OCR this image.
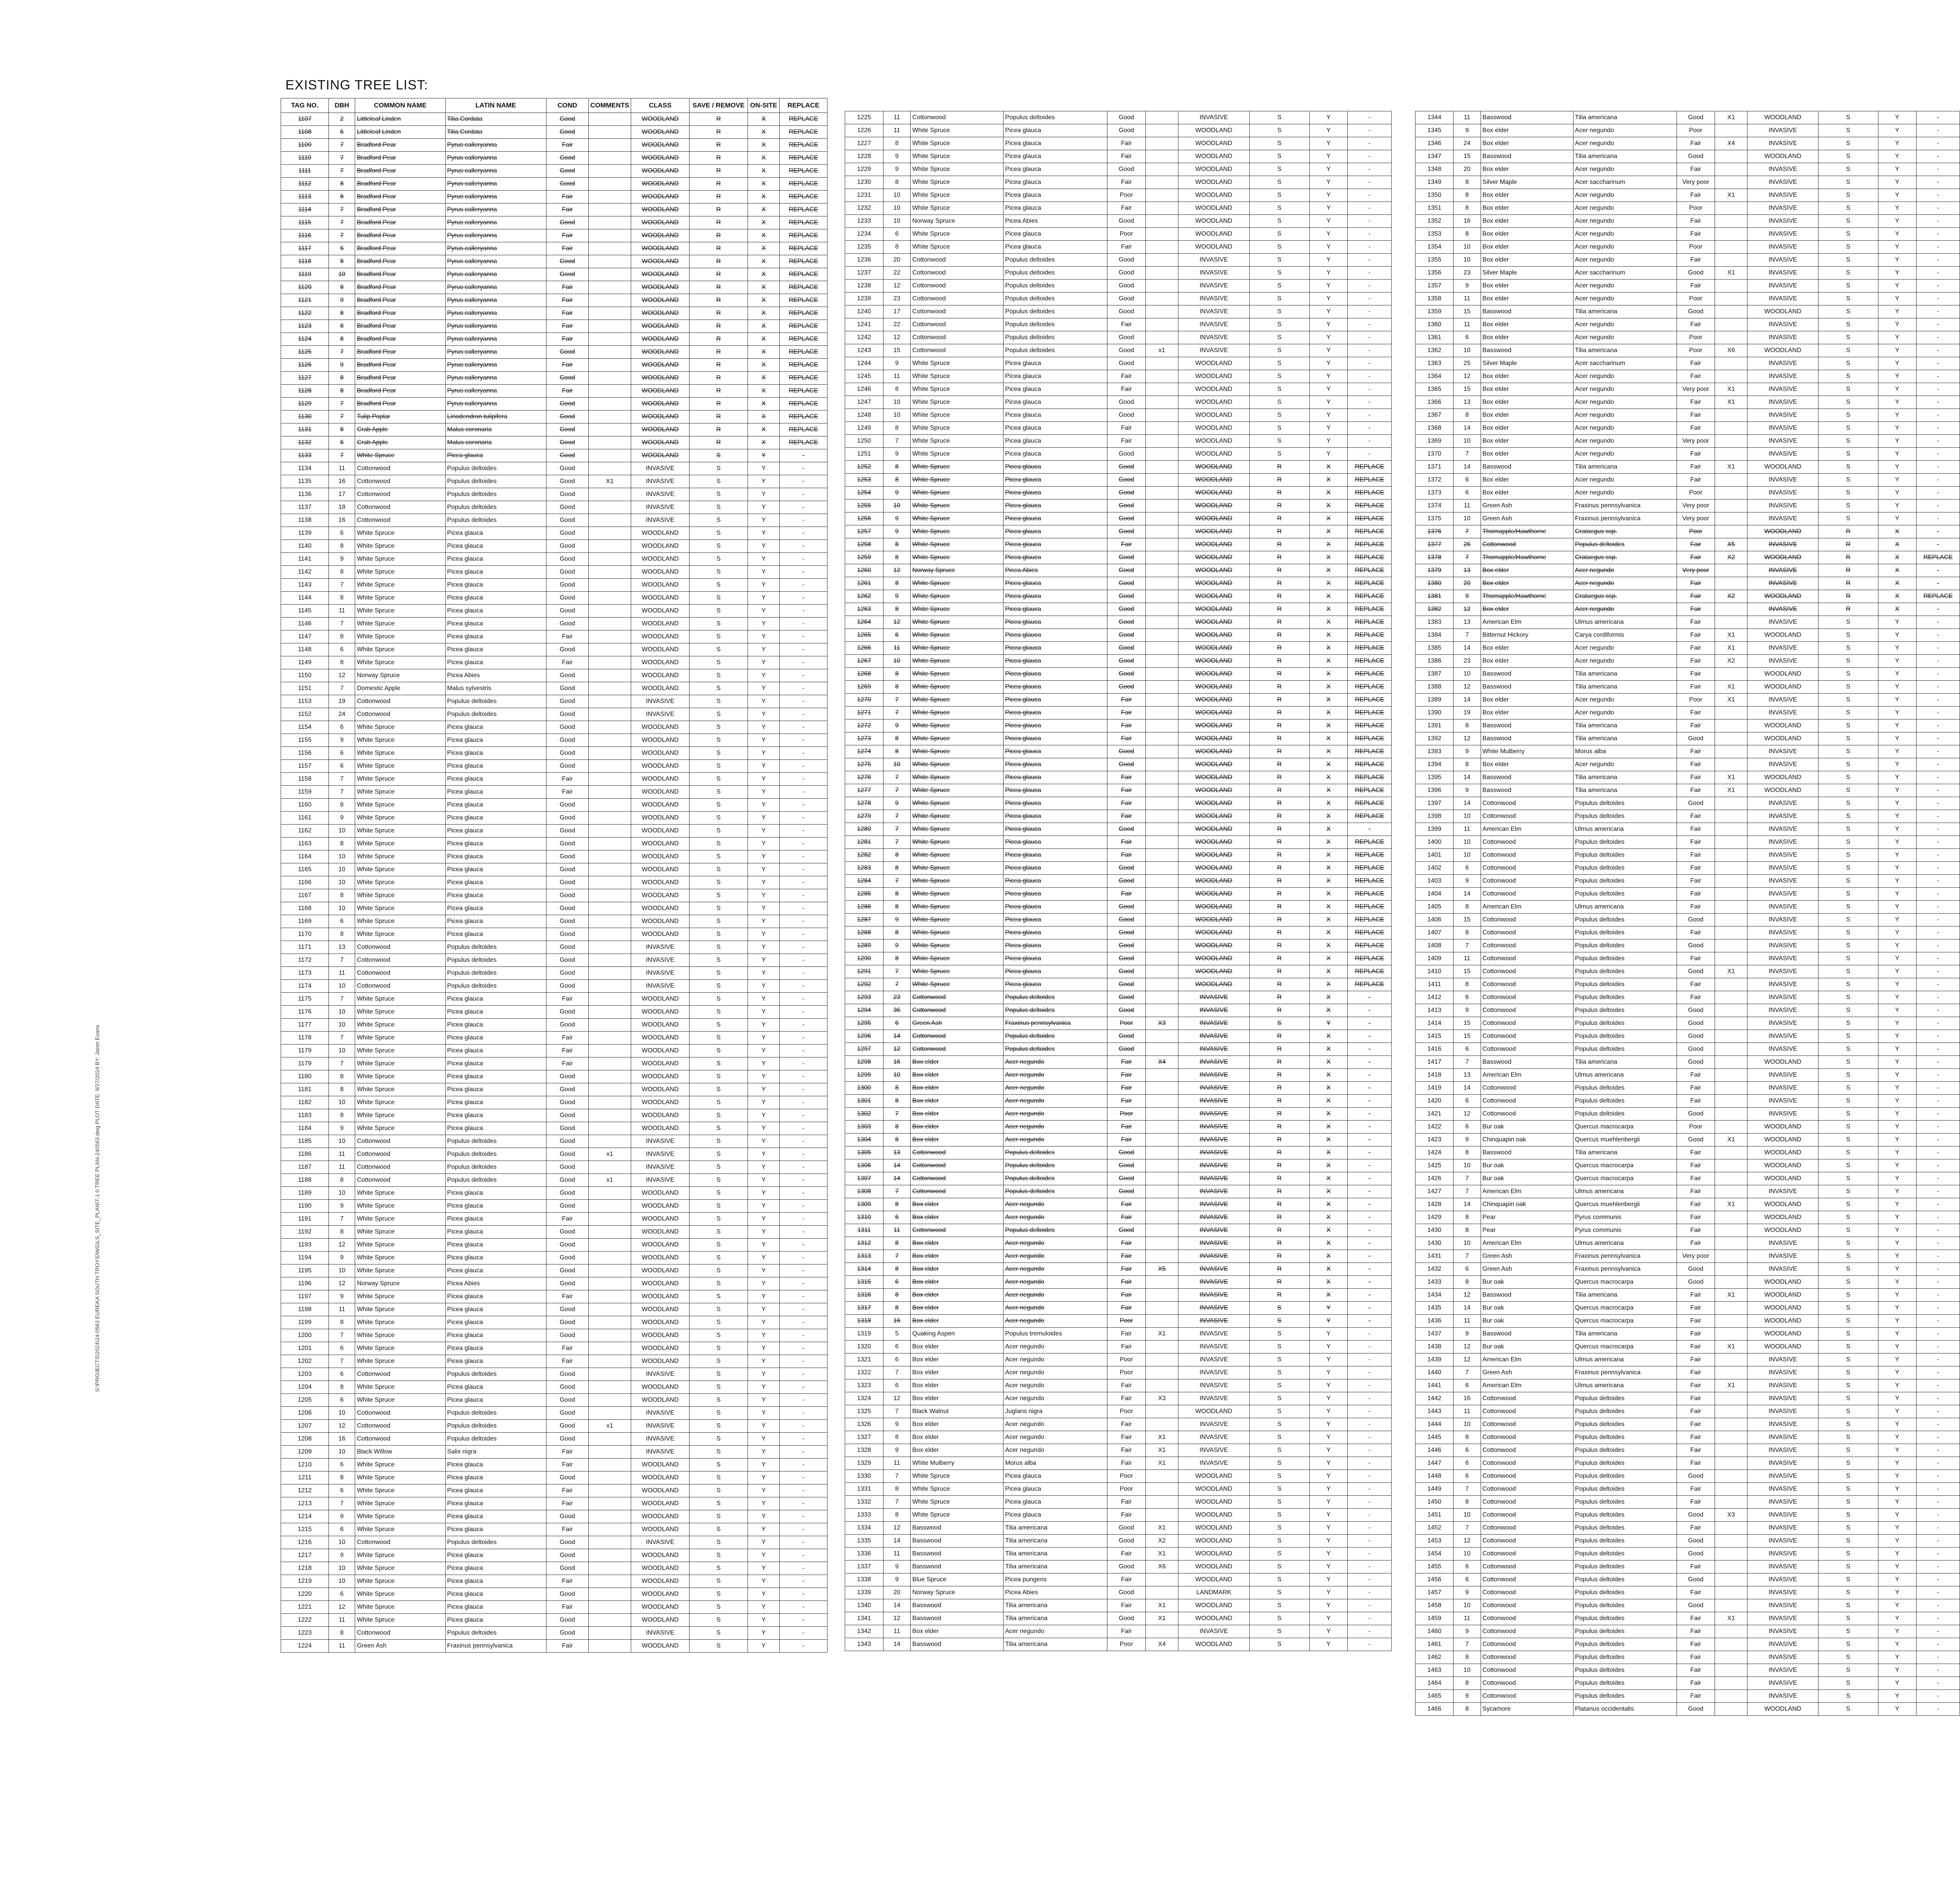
EXISTING TREE LIST:
TAG NO.	DBH	COMMON NAME	LATIN NAME	COND	COMMENTS	CLASS	SAVE / REMOVE	ON-SITE	REPLACE
1107	2	Littleleaf Linden	Tilia Cordata	Good		WOODLAND	R	X	REPLACE
1108	6	Littleleaf Linden	Tilia Cordata	Good		WOODLAND	R	X	REPLACE
1109	7	Bradford Pear	Pyrus calleryanna	Fair		WOODLAND	R	X	REPLACE
1110	7	Bradford Pear	Pyrus calleryanna	Good		WOODLAND	R	X	REPLACE
1111	7	Bradford Pear	Pyrus calleryanna	Good		WOODLAND	R	X	REPLACE
1112	8	Bradford Pear	Pyrus calleryanna	Good		WOODLAND	R	X	REPLACE
1113	8	Bradford Pear	Pyrus calleryanna	Fair		WOODLAND	R	X	REPLACE
1114	7	Bradford Pear	Pyrus calleryanna	Fair		WOODLAND	R	X	REPLACE
1115	7	Bradford Pear	Pyrus calleryanna	Good		WOODLAND	R	X	REPLACE
1116	7	Bradford Pear	Pyrus calleryanna	Fair		WOODLAND	R	X	REPLACE
1117	6	Bradford Pear	Pyrus calleryanna	Fair		WOODLAND	R	X	REPLACE
1118	8	Bradford Pear	Pyrus calleryanna	Good		WOODLAND	R	X	REPLACE
1119	10	Bradford Pear	Pyrus calleryanna	Good		WOODLAND	R	X	REPLACE
1120	8	Bradford Pear	Pyrus calleryanna	Fair		WOODLAND	R	X	REPLACE
1121	9	Bradford Pear	Pyrus calleryanna	Fair		WOODLAND	R	X	REPLACE
1122	8	Bradford Pear	Pyrus calleryanna	Fair		WOODLAND	R	X	REPLACE
1123	8	Bradford Pear	Pyrus calleryanna	Fair		WOODLAND	R	X	REPLACE
1124	8	Bradford Pear	Pyrus calleryanna	Fair		WOODLAND	R	X	REPLACE
1125	7	Bradford Pear	Pyrus calleryanna	Good		WOODLAND	R	X	REPLACE
1126	9	Bradford Pear	Pyrus calleryanna	Fair		WOODLAND	R	X	REPLACE
1127	8	Bradford Pear	Pyrus calleryanna	Good		WOODLAND	R	X	REPLACE
1128	8	Bradford Pear	Pyrus calleryanna	Fair		WOODLAND	R	X	REPLACE
1129	7	Bradford Pear	Pyrus calleryanna	Good		WOODLAND	R	X	REPLACE
1130	7	Tulip Poplar	Liriodendron tulipifera	Good		WOODLAND	R	X	REPLACE
1131	8	Crab Apple	Malus coronaria	Good		WOODLAND	R	X	REPLACE
1132	6	Crab Apple	Malus coronaria	Good		WOODLAND	R	X	REPLACE
1133	7	White Spruce	Picea glauca	Good		WOODLAND	S	Y	-
1134	11	Cottonwood	Populus deltoides	Good		INVASIVE	S	Y	-
1135	16	Cottonwood	Populus deltoides	Good	X1	INVASIVE	S	Y	-
1136	17	Cottonwood	Populus deltoides	Good		INVASIVE	S	Y	-
1137	18	Cottonwood	Populus deltoides	Good		INVASIVE	S	Y	-
1138	16	Cottonwood	Populus deltoides	Good		INVASIVE	S	Y	-
1139	6	White Spruce	Picea glauca	Good		WOODLAND	S	Y	-
1140	8	White Spruce	Picea glauca	Good		WOODLAND	S	Y	-
1141	9	White Spruce	Picea glauca	Good		WOODLAND	S	Y	-
1142	8	White Spruce	Picea glauca	Good		WOODLAND	S	Y	-
1143	7	White Spruce	Picea glauca	Good		WOODLAND	S	Y	-
1144	8	White Spruce	Picea glauca	Good		WOODLAND	S	Y	-
1145	11	White Spruce	Picea glauca	Good		WOODLAND	S	Y	-
1146	7	White Spruce	Picea glauca	Good		WOODLAND	S	Y	-
1147	8	White Spruce	Picea glauca	Fair		WOODLAND	S	Y	-
1148	6	White Spruce	Picea glauca	Good		WOODLAND	S	Y	-
1149	8	White Spruce	Picea glauca	Fair		WOODLAND	S	Y	-
1150	12	Norway Spruce	Picea Abies	Good		WOODLAND	S	Y	-
1151	7	Domestic Apple	Malus sylvestris	Good		WOODLAND	S	Y	-
1153	19	Cottonwood	Populus deltoides	Good		INVASIVE	S	Y	-
1152	24	Cottonwood	Populus deltoides	Good		INVASIVE	S	Y	-
1154	6	White Spruce	Picea glauca	Good		WOODLAND	S	Y	-
1155	9	White Spruce	Picea glauca	Good		WOODLAND	S	Y	-
1156	6	White Spruce	Picea glauca	Good		WOODLAND	S	Y	-
1157	6	White Spruce	Picea glauca	Good		WOODLAND	S	Y	-
1158	7	White Spruce	Picea glauca	Fair		WOODLAND	S	Y	-
1159	7	White Spruce	Picea glauca	Fair		WOODLAND	S	Y	-
1160	8	White Spruce	Picea glauca	Good		WOODLAND	S	Y	-
1161	9	White Spruce	Picea glauca	Good		WOODLAND	S	Y	-
1162	10	White Spruce	Picea glauca	Good		WOODLAND	S	Y	-
1163	8	White Spruce	Picea glauca	Good		WOODLAND	S	Y	-
1164	10	White Spruce	Picea glauca	Good		WOODLAND	S	Y	-
1165	10	White Spruce	Picea glauca	Good		WOODLAND	S	Y	-
1166	10	White Spruce	Picea glauca	Good		WOODLAND	S	Y	-
1167	8	White Spruce	Picea glauca	Good		WOODLAND	S	Y	-
1168	10	White Spruce	Picea glauca	Good		WOODLAND	S	Y	-
1169	6	White Spruce	Picea glauca	Good		WOODLAND	S	Y	-
1170	8	White Spruce	Picea glauca	Good		WOODLAND	S	Y	-
1171	13	Cottonwood	Populus deltoides	Good		INVASIVE	S	Y	-
1172	7	Cottonwood	Populus deltoides	Good		INVASIVE	S	Y	-
1173	11	Cottonwood	Populus deltoides	Good		INVASIVE	S	Y	-
1174	10	Cottonwood	Populus deltoides	Good		INVASIVE	S	Y	-
1175	7	White Spruce	Picea glauca	Fair		WOODLAND	S	Y	-
1176	10	White Spruce	Picea glauca	Good		WOODLAND	S	Y	-
1177	10	White Spruce	Picea glauca	Good		WOODLAND	S	Y	-
1178	7	White Spruce	Picea glauca	Fair		WOODLAND	S	Y	-
1179	10	White Spruce	Picea glauca	Fair		WOODLAND	S	Y	-
1179	7	White Spruce	Picea glauca	Fair		WOODLAND	S	Y	-
1180	8	White Spruce	Picea glauca	Good		WOODLAND	S	Y	-
1181	8	White Spruce	Picea glauca	Good		WOODLAND	S	Y	-
1182	10	White Spruce	Picea glauca	Good		WOODLAND	S	Y	-
1183	8	White Spruce	Picea glauca	Good		WOODLAND	S	Y	-
1184	9	White Spruce	Picea glauca	Good		WOODLAND	S	Y	-
1185	10	Cottonwood	Populus deltoides	Good		INVASIVE	S	Y	-
1186	11	Cottonwood	Populus deltoides	Good	x1	INVASIVE	S	Y	-
1187	11	Cottonwood	Populus deltoides	Good		INVASIVE	S	Y	-
1188	8	Cottonwood	Populus deltoides	Good	x1	INVASIVE	S	Y	-
1189	10	White Spruce	Picea glauca	Good		WOODLAND	S	Y	-
1190	9	White Spruce	Picea glauca	Good		WOODLAND	S	Y	-
1191	7	White Spruce	Picea glauca	Fair		WOODLAND	S	Y	-
1192	8	White Spruce	Picea glauca	Good		WOODLAND	S	Y	-
1193	12	White Spruce	Picea glauca	Good		WOODLAND	S	Y	-
1194	9	White Spruce	Picea glauca	Good		WOODLAND	S	Y	-
1195	10	White Spruce	Picea glauca	Good		WOODLAND	S	Y	-
1196	12	Norway Spruce	Picea Abies	Good		WOODLAND	S	Y	-
1197	9	White Spruce	Picea glauca	Fair		WOODLAND	S	Y	-
1198	11	White Spruce	Picea glauca	Good		WOODLAND	S	Y	-
1199	8	White Spruce	Picea glauca	Good		WOODLAND	S	Y	-
1200	7	White Spruce	Picea glauca	Good		WOODLAND	S	Y	-
1201	6	White Spruce	Picea glauca	Fair		WOODLAND	S	Y	-
1202	7	White Spruce	Picea glauca	Fair		WOODLAND	S	Y	-
1203	6	Cottonwood	Populus deltoides	Good		INVASIVE	S	Y	-
1204	8	White Spruce	Picea glauca	Good		WOODLAND	S	Y	-
1205	6	White Spruce	Picea glauca	Good		WOODLAND	S	Y	-
1206	10	Cottonwood	Populus deltoides	Good		INVASIVE	S	Y	-
1207	12	Cottonwood	Populus deltoides	Good	x1	INVASIVE	S	Y	-
1208	16	Cottonwood	Populus deltoides	Good		INVASIVE	S	Y	-
1209	10	Black Willow	Salix nigra	Fair		INVASIVE	S	Y	-
1210	6	White Spruce	Picea glauca	Fair		WOODLAND	S	Y	-
1211	8	White Spruce	Picea glauca	Good		WOODLAND	S	Y	-
1212	6	White Spruce	Picea glauca	Fair		WOODLAND	S	Y	-
1213	7	White Spruce	Picea glauca	Fair		WOODLAND	S	Y	-
1214	9	White Spruce	Picea glauca	Good		WOODLAND	S	Y	-
1215	6	White Spruce	Picea glauca	Fair		WOODLAND	S	Y	-
1216	10	Cottonwood	Populus deltoides	Good		INVASIVE	S	Y	-
1217	9	White Spruce	Picea glauca	Good		WOODLAND	S	Y	-
1218	10	White Spruce	Picea glauca	Good		WOODLAND	S	Y	-
1219	10	White Spruce	Picea glauca	Fair		WOODLAND	S	Y	-
1220	6	White Spruce	Picea glauca	Good		WOODLAND	S	Y	-
1221	12	White Spruce	Picea glauca	Fair		WOODLAND	S	Y	-
1222	11	White Spruce	Picea glauca	Good		WOODLAND	S	Y	-
1223	8	Cottonwood	Populus deltoides	Good		INVASIVE	S	Y	-
1224	11	Green Ash	Fraxinus pennsylvanica	Fair		WOODLAND	S	Y	-
1225	11	Cottonwood	Populus deltoides	Good		INVASIVE	S	Y	-
1226	11	White Spruce	Picea glauca	Good		WOODLAND	S	Y	-
1227	8	White Spruce	Picea glauca	Fair		WOODLAND	S	Y	-
1228	9	White Spruce	Picea glauca	Fair		WOODLAND	S	Y	-
1229	9	White Spruce	Picea glauca	Good		WOODLAND	S	Y	-
1230	8	White Spruce	Picea glauca	Fair		WOODLAND	S	Y	-
1231	10	White Spruce	Picea glauca	Poor		WOODLAND	S	Y	-
1232	10	White Spruce	Picea glauca	Fair		WOODLAND	S	Y	-
1233	10	Norway Spruce	Picea Abies	Good		WOODLAND	S	Y	-
1234	6	White Spruce	Picea glauca	Poor		WOODLAND	S	Y	-
1235	8	White Spruce	Picea glauca	Fair		WOODLAND	S	Y	-
1236	20	Cottonwood	Populus deltoides	Good		INVASIVE	S	Y	-
1237	22	Cottonwood	Populus deltoides	Good		INVASIVE	S	Y	-
1238	12	Cottonwood	Populus deltoides	Good		INVASIVE	S	Y	-
1239	23	Cottonwood	Populus deltoides	Good		INVASIVE	S	Y	-
1240	17	Cottonwood	Populus deltoides	Good		INVASIVE	S	Y	-
1241	22	Cottonwood	Populus deltoides	Fair		INVASIVE	S	Y	-
1242	12	Cottonwood	Populus deltoides	Good		INVASIVE	S	Y	-
1243	15	Cottonwood	Populus deltoides	Good	x1	INVASIVE	S	Y	-
1244	9	White Spruce	Picea glauca	Good		WOODLAND	S	Y	-
1245	11	White Spruce	Picea glauca	Fair		WOODLAND	S	Y	-
1246	8	White Spruce	Picea glauca	Fair		WOODLAND	S	Y	-
1247	10	White Spruce	Picea glauca	Good		WOODLAND	S	Y	-
1248	10	White Spruce	Picea glauca	Good		WOODLAND	S	Y	-
1249	8	White Spruce	Picea glauca	Fair		WOODLAND	S	Y	-
1250	7	White Spruce	Picea glauca	Fair		WOODLAND	S	Y	-
1251	9	White Spruce	Picea glauca	Good		WOODLAND	S	Y	-
1252	8	White Spruce	Picea glauca	Good		WOODLAND	R	X	REPLACE
1253	8	White Spruce	Picea glauca	Good		WOODLAND	R	X	REPLACE
1254	9	White Spruce	Picea glauca	Good		WOODLAND	R	X	REPLACE
1255	10	White Spruce	Picea glauca	Good		WOODLAND	R	X	REPLACE
1256	9	White Spruce	Picea glauca	Good		WOODLAND	R	X	REPLACE
1257	9	White Spruce	Picea glauca	Good		WOODLAND	R	X	REPLACE
1258	8	White Spruce	Picea glauca	Fair		WOODLAND	R	X	REPLACE
1259	8	White Spruce	Picea glauca	Good		WOODLAND	R	X	REPLACE
1260	12	Norway Spruce	Picea Abies	Good		WOODLAND	R	X	REPLACE
1261	8	White Spruce	Picea glauca	Good		WOODLAND	R	X	REPLACE
1262	9	White Spruce	Picea glauca	Good		WOODLAND	R	X	REPLACE
1263	8	White Spruce	Picea glauca	Good		WOODLAND	R	X	REPLACE
1264	12	White Spruce	Picea glauca	Good		WOODLAND	R	X	REPLACE
1265	6	White Spruce	Picea glauca	Good		WOODLAND	R	X	REPLACE
1266	11	White Spruce	Picea glauca	Good		WOODLAND	R	X	REPLACE
1267	10	White Spruce	Picea glauca	Good		WOODLAND	R	X	REPLACE
1268	8	White Spruce	Picea glauca	Good		WOODLAND	R	X	REPLACE
1269	8	White Spruce	Picea glauca	Good		WOODLAND	R	X	REPLACE
1270	7	White Spruce	Picea glauca	Fair		WOODLAND	R	X	REPLACE
1271	7	White Spruce	Picea glauca	Fair		WOODLAND	R	X	REPLACE
1272	9	White Spruce	Picea glauca	Fair		WOODLAND	R	X	REPLACE
1273	8	White Spruce	Picea glauca	Fair		WOODLAND	R	X	REPLACE
1274	8	White Spruce	Picea glauca	Good		WOODLAND	R	X	REPLACE
1275	10	White Spruce	Picea glauca	Good		WOODLAND	R	X	REPLACE
1276	7	White Spruce	Picea glauca	Fair		WOODLAND	R	X	REPLACE
1277	7	White Spruce	Picea glauca	Fair		WOODLAND	R	X	REPLACE
1278	9	White Spruce	Picea glauca	Fair		WOODLAND	R	X	REPLACE
1279	7	White Spruce	Picea glauca	Fair		WOODLAND	R	X	REPLACE
1280	7	White Spruce	Picea glauca	Good		WOODLAND	R	X	-
1281	7	White Spruce	Picea glauca	Fair		WOODLAND	R	X	REPLACE
1282	8	White Spruce	Picea glauca	Fair		WOODLAND	R	X	REPLACE
1283	8	White Spruce	Picea glauca	Good		WOODLAND	R	X	REPLACE
1284	7	White Spruce	Picea glauca	Good		WOODLAND	R	X	REPLACE
1285	8	White Spruce	Picea glauca	Fair		WOODLAND	R	X	REPLACE
1286	8	White Spruce	Picea glauca	Good		WOODLAND	R	X	REPLACE
1287	9	White Spruce	Picea glauca	Good		WOODLAND	R	X	REPLACE
1288	8	White Spruce	Picea glauca	Good		WOODLAND	R	X	REPLACE
1289	9	White Spruce	Picea glauca	Good		WOODLAND	R	X	REPLACE
1290	8	White Spruce	Picea glauca	Good		WOODLAND	R	X	REPLACE
1291	7	White Spruce	Picea glauca	Good		WOODLAND	R	X	REPLACE
1292	7	White Spruce	Picea glauca	Good		WOODLAND	R	X	REPLACE
1293	23	Cottonwood	Populus deltoides	Good		INVASIVE	R	X	-
1294	36	Cottonwood	Populus deltoides	Good		INVASIVE	R	X	-
1295	6	Green Ash	Fraxinus pennsylvanica	Poor	X3	INVASIVE	S	Y	-
1296	14	Cottonwood	Populus deltoides	Good		INVASIVE	R	X	-
1297	12	Cottonwood	Populus deltoides	Good		INVASIVE	R	X	-
1298	16	Box elder	Acer negundo	Fair	X4	INVASIVE	R	X	-
1299	10	Box elder	Acer negundo	Fair		INVASIVE	R	X	-
1300	8	Box elder	Acer negundo	Fair		INVASIVE	R	X	-
1301	8	Box elder	Acer negundo	Fair		INVASIVE	R	X	-
1302	7	Box elder	Acer negundo	Poor		INVASIVE	R	X	-
1303	8	Box elder	Acer negundo	Fair		INVASIVE	R	X	-
1304	8	Box elder	Acer negundo	Fair		INVASIVE	R	X	-
1305	13	Cottonwood	Populus deltoides	Good		INVASIVE	R	X	-
1306	14	Cottonwood	Populus deltoides	Good		INVASIVE	R	X	-
1307	14	Cottonwood	Populus deltoides	Good		INVASIVE	R	X	-
1308	7	Cottonwood	Populus deltoides	Good		INVASIVE	R	X	-
1309	8	Box elder	Acer negundo	Fair		INVASIVE	R	X	-
1310	6	Box elder	Acer negundo	Fair		INVASIVE	R	X	-
1311	11	Cottonwood	Populus deltoides	Good		INVASIVE	R	X	-
1312	8	Box elder	Acer negundo	Fair		INVASIVE	R	X	-
1313	7	Box elder	Acer negundo	Fair		INVASIVE	R	X	-
1314	8	Box elder	Acer negundo	Fair	X5	INVASIVE	R	X	-
1315	6	Box elder	Acer negundo	Fair		INVASIVE	R	X	-
1316	8	Box elder	Acer negundo	Fair		INVASIVE	R	X	-
1317	8	Box elder	Acer negundo	Fair		INVASIVE	S	Y	-
1318	16	Box elder	Acer negundo	Poor		INVASIVE	S	Y	-
1319	5	Quaking Aspen	Populus tremuloides	Fair	X1	INVASIVE	S	Y	-
1320	6	Box elder	Acer negundo	Fair		INVASIVE	S	Y	-
1321	6	Box elder	Acer negundo	Poor		INVASIVE	S	Y	-
1322	7	Box elder	Acer negundo	Poor		INVASIVE	S	Y	-
1323	6	Box elder	Acer negundo	Fair		INVASIVE	S	Y	-
1324	12	Box elder	Acer negundo	Fair	X3	INVASIVE	S	Y	-
1325	7	Black Walnut	Juglans nigra	Poor		WOODLAND	S	Y	-
1326	9	Box elder	Acer negundo	Fair		INVASIVE	S	Y	-
1327	8	Box elder	Acer negundo	Fair	X1	INVASIVE	S	Y	-
1328	9	Box elder	Acer negundo	Fair	X1	INVASIVE	S	Y	-
1329	11	White Mulberry	Morus alba	Fair	X1	INVASIVE	S	Y	-
1330	7	White Spruce	Picea glauca	Poor		WOODLAND	S	Y	-
1331	8	White Spruce	Picea glauca	Poor		WOODLAND	S	Y	-
1332	7	White Spruce	Picea glauca	Fair		WOODLAND	S	Y	-
1333	8	White Spruce	Picea glauca	Fair		WOODLAND	S	Y	-
1334	12	Basswood	Tilia americana	Good	X1	WOODLAND	S	Y	-
1335	14	Basswood	Tilia americana	Good	X2	WOODLAND	S	Y	-
1336	11	Basswood	Tilia americana	Fair	X1	WOODLAND	S	Y	-
1337	9	Basswood	Tilia americana	Good	X6	WOODLAND	S	Y	-
1338	9	Blue Spruce	Picea pungens	Fair		WOODLAND	S	Y	-
1339	20	Norway Spruce	Picea Abies	Good		LANDMARK	S	Y	-
1340	14	Basswood	Tilia americana	Fair	X1	WOODLAND	S	Y	-
1341	12	Basswood	Tilia americana	Good	X1	WOODLAND	S	Y	-
1342	11	Box elder	Acer negundo	Fair		INVASIVE	S	Y	-
1343	14	Basswood	Tilia americana	Poor	X4	WOODLAND	S	Y	-
1344	11	Basswood	Tilia americana	Good	X1	WOODLAND	S	Y	-
1345	9	Box elder	Acer negundo	Poor		INVASIVE	S	Y	-
1346	24	Box elder	Acer negundo	Fair	X4	INVASIVE	S	Y	-
1347	15	Basswood	Tilia americana	Good		WOODLAND	S	Y	-
1348	20	Box elder	Acer negundo	Fair		INVASIVE	S	Y	-
1349	8	Silver Maple	Acer saccharinum	Very poor		INVASIVE	S	Y	-
1350	8	Box elder	Acer negundo	Fair	X1	INVASIVE	S	Y	-
1351	8	Box elder	Acer negundo	Poor		INVASIVE	S	Y	-
1352	16	Box elder	Acer negundo	Fair		INVASIVE	S	Y	-
1353	8	Box elder	Acer negundo	Fair		INVASIVE	S	Y	-
1354	10	Box elder	Acer negundo	Poor		INVASIVE	S	Y	-
1355	10	Box elder	Acer negundo	Fair		INVASIVE	S	Y	-
1356	23	Silver Maple	Acer saccharinum	Good	X1	INVASIVE	S	Y	-
1357	9	Box elder	Acer negundo	Fair		INVASIVE	S	Y	-
1358	11	Box elder	Acer negundo	Poor		INVASIVE	S	Y	-
1359	15	Basswood	Tilia americana	Good		WOODLAND	S	Y	-
1360	11	Box elder	Acer negundo	Fair		INVASIVE	S	Y	-
1361	6	Box elder	Acer negundo	Poor		INVASIVE	S	Y	-
1362	10	Basswood	Tilia americana	Poor	X6	WOODLAND	S	Y	-
1363	25	Silver Maple	Acer saccharinum	Fair		INVASIVE	S	Y	-
1364	12	Box elder	Acer negundo	Fair		INVASIVE	S	Y	-
1365	15	Box elder	Acer negundo	Very poor	X1	INVASIVE	S	Y	-
1366	13	Box elder	Acer negundo	Fair	X1	INVASIVE	S	Y	-
1367	8	Box elder	Acer negundo	Fair		INVASIVE	S	Y	-
1368	14	Box elder	Acer negundo	Fair		INVASIVE	S	Y	-
1369	10	Box elder	Acer negundo	Very poor		INVASIVE	S	Y	-
1370	7	Box elder	Acer negundo	Fair		INVASIVE	S	Y	-
1371	14	Basswood	Tilia americana	Fair	X1	WOODLAND	S	Y	-
1372	6	Box elder	Acer negundo	Fair		INVASIVE	S	Y	-
1373	6	Box elder	Acer negundo	Poor		INVASIVE	S	Y	-
1374	11	Green Ash	Fraxinus pennsylvanica	Very poor		INVASIVE	S	Y	-
1375	10	Green Ash	Fraxinus pennsylvanica	Very poor		INVASIVE	S	Y	-
1376	7	Thornapple/Hawthorne	Crataegus ssp.	Poor		WOODLAND	R	X	-
1377	26	Cottonwood	Populus deltoides	Fair	X5	INVASIVE	R	X	-
1378	7	Thornapple/Hawthorne	Crataegus ssp.	Fair	X2	WOODLAND	R	X	REPLACE
1379	13	Box elder	Acer negundo	Very poor		INVASIVE	R	X	-
1380	20	Box elder	Acer negundo	Fair		INVASIVE	R	X	-
1381	9	Thornapple/Hawthorne	Crataegus ssp.	Fair	X2	WOODLAND	R	X	REPLACE
1382	12	Box elder	Acer negundo	Fair		INVASIVE	R	X	-
1383	13	American Elm	Ulmus americana	Fair		INVASIVE	S	Y	-
1384	7	Bitternut Hickory	Carya cordiformis	Fair	X1	WOODLAND	S	Y	-
1385	14	Box elder	Acer negundo	Fair	X1	INVASIVE	S	Y	-
1386	23	Box elder	Acer negundo	Fair	X2	INVASIVE	S	Y	-
1387	10	Basswood	Tilia americana	Fair		WOODLAND	S	Y	-
1388	12	Basswood	Tilia americana	Fair	X1	WOODLAND	S	Y	-
1389	14	Box elder	Acer negundo	Poor	X1	INVASIVE	S	Y	-
1390	19	Box elder	Acer negundo	Fair		INVASIVE	S	Y	-
1391	8	Basswood	Tilia americana	Fair		WOODLAND	S	Y	-
1392	12	Basswood	Tilia americana	Good		WOODLAND	S	Y	-
1393	9	White Mulberry	Morus alba	Fair		INVASIVE	S	Y	-
1394	8	Box elder	Acer negundo	Fair		INVASIVE	S	Y	-
1395	14	Basswood	Tilia americana	Fair	X1	WOODLAND	S	Y	-
1396	9	Basswood	Tilia americana	Fair	X1	WOODLAND	S	Y	-
1397	14	Cottonwood	Populus deltoides	Good		INVASIVE	S	Y	-
1398	10	Cottonwood	Populus deltoides	Fair		INVASIVE	S	Y	-
1399	11	American Elm	Ulmus americana	Fair		INVASIVE	S	Y	-
1400	10	Cottonwood	Populus deltoides	Fair		INVASIVE	S	Y	-
1401	10	Cottonwood	Populus deltoides	Fair		INVASIVE	S	Y	-
1402	6	Cottonwood	Populus deltoides	Fair		INVASIVE	S	Y	-
1403	9	Cottonwood	Populus deltoides	Fair		INVASIVE	S	Y	-
1404	14	Cottonwood	Populus deltoides	Fair		INVASIVE	S	Y	-
1405	8	American Elm	Ulmus americana	Fair		INVASIVE	S	Y	-
1406	15	Cottonwood	Populus deltoides	Good		INVASIVE	S	Y	-
1407	8	Cottonwood	Populus deltoides	Fair		INVASIVE	S	Y	-
1408	7	Cottonwood	Populus deltoides	Good		INVASIVE	S	Y	-
1409	11	Cottonwood	Populus deltoides	Fair		INVASIVE	S	Y	-
1410	15	Cottonwood	Populus deltoides	Good	X1	INVASIVE	S	Y	-
1411	8	Cottonwood	Populus deltoides	Fair		INVASIVE	S	Y	-
1412	6	Cottonwood	Populus deltoides	Fair		INVASIVE	S	Y	-
1413	9	Cottonwood	Populus deltoides	Good		INVASIVE	S	Y	-
1414	15	Cottonwood	Populus deltoides	Good		INVASIVE	S	Y	-
1415	15	Cottonwood	Populus deltoides	Good		INVASIVE	S	Y	-
1416	6	Cottonwood	Populus deltoides	Good		INVASIVE	S	Y	-
1417	7	Basswood	Tilia americana	Good		WOODLAND	S	Y	-
1418	13	American Elm	Ulmus americana	Fair		INVASIVE	S	Y	-
1419	14	Cottonwood	Populus deltoides	Fair		INVASIVE	S	Y	-
1420	6	Cottonwood	Populus deltoides	Fair		INVASIVE	S	Y	-
1421	12	Cottonwood	Populus deltoides	Good		INVASIVE	S	Y	-
1422	6	Bur oak	Quercus macrocarpa	Poor		WOODLAND	S	Y	-
1423	9	Chinquapin oak	Quercus muehlenbergii	Good	X1	WOODLAND	S	Y	-
1424	8	Basswood	Tilia americana	Fair		WOODLAND	S	Y	-
1425	10	Bur oak	Quercus macrocarpa	Fair		WOODLAND	S	Y	-
1426	7	Bur oak	Quercus macrocarpa	Fair		WOODLAND	S	Y	-
1427	7	American Elm	Ulmus americana	Fair		INVASIVE	S	Y	-
1428	14	Chinquapin oak	Quercus muehlenbergii	Fair	X1	WOODLAND	S	Y	-
1429	8	Pear	Pyrus communis	Fair		WOODLAND	S	Y	-
1430	8	Pear	Pyrus communis	Fair		WOODLAND	S	Y	-
1430	10	American Elm	Ulmus americana	Fair		INVASIVE	S	Y	-
1431	7	Green Ash	Fraxinus pennsylvanica	Very poor		INVASIVE	S	Y	-
1432	6	Green Ash	Fraxinus pennsylvanica	Good		INVASIVE	S	Y	-
1433	8	Bur oak	Quercus macrocarpa	Good		WOODLAND	S	Y	-
1434	12	Basswood	Tilia americana	Fair	X1	WOODLAND	S	Y	-
1435	14	Bur oak	Quercus macrocarpa	Fair		WOODLAND	S	Y	-
1436	11	Bur oak	Quercus macrocarpa	Fair		WOODLAND	S	Y	-
1437	9	Basswood	Tilia americana	Fair		WOODLAND	S	Y	-
1438	12	Bur oak	Quercus macrocarpa	Fair	X1	WOODLAND	S	Y	-
1439	12	American Elm	Ulmus americana	Fair		INVASIVE	S	Y	-
1440	7	Green Ash	Fraxinus pennsylvanica	Fair		INVASIVE	S	Y	-
1441	6	American Elm	Ulmus americana	Fair	X1	INVASIVE	S	Y	-
1442	16	Cottonwood	Populus deltoides	Fair		INVASIVE	S	Y	-
1443	11	Cottonwood	Populus deltoides	Fair		INVASIVE	S	Y	-
1444	10	Cottonwood	Populus deltoides	Fair		INVASIVE	S	Y	-
1445	8	Cottonwood	Populus deltoides	Fair		INVASIVE	S	Y	-
1446	6	Cottonwood	Populus deltoides	Fair		INVASIVE	S	Y	-
1447	6	Cottonwood	Populus deltoides	Fair		INVASIVE	S	Y	-
1448	6	Cottonwood	Populus deltoides	Good		INVASIVE	S	Y	-
1449	7	Cottonwood	Populus deltoides	Fair		INVASIVE	S	Y	-
1450	8	Cottonwood	Populus deltoides	Fair		INVASIVE	S	Y	-
1451	10	Cottonwood	Populus deltoides	Good	X3	INVASIVE	S	Y	-
1452	7	Cottonwood	Populus deltoides	Fair		INVASIVE	S	Y	-
1453	12	Cottonwood	Populus deltoides	Good		INVASIVE	S	Y	-
1454	10	Cottonwood	Populus deltoides	Good		INVASIVE	S	Y	-
1455	6	Cottonwood	Populus deltoides	Fair		INVASIVE	S	Y	-
1456	6	Cottonwood	Populus deltoides	Good		INVASIVE	S	Y	-
1457	9	Cottonwood	Populus deltoides	Fair		INVASIVE	S	Y	-
1458	10	Cottonwood	Populus deltoides	Good		INVASIVE	S	Y	-
1459	11	Cottonwood	Populus deltoides	Fair	X1	INVASIVE	S	Y	-
1460	9	Cottonwood	Populus deltoides	Fair		INVASIVE	S	Y	-
1461	7	Cottonwood	Populus deltoides	Fair		INVASIVE	S	Y	-
1462	8	Cottonwood	Populus deltoides	Fair		INVASIVE	S	Y	-
1463	10	Cottonwood	Populus deltoides	Fair		INVASIVE	S	Y	-
1464	8	Cottonwood	Populus deltoides	Fair		INVASIVE	S	Y	-
1465	9	Cottonwood	Populus deltoides	Fair		INVASIVE	S	Y	-
1466	8	Sycamore	Platanus occidentalis	Good		WOODLAND	S	Y	-
S:\PROJECTS\2024\24-0563 EUREKA SOUTH TROY\DWG\LS_SITE_PLAN\T-1.0 TREE PLAN-240563.dwg PLOT DATE: 9/27/2024 BY: Janet Evans
